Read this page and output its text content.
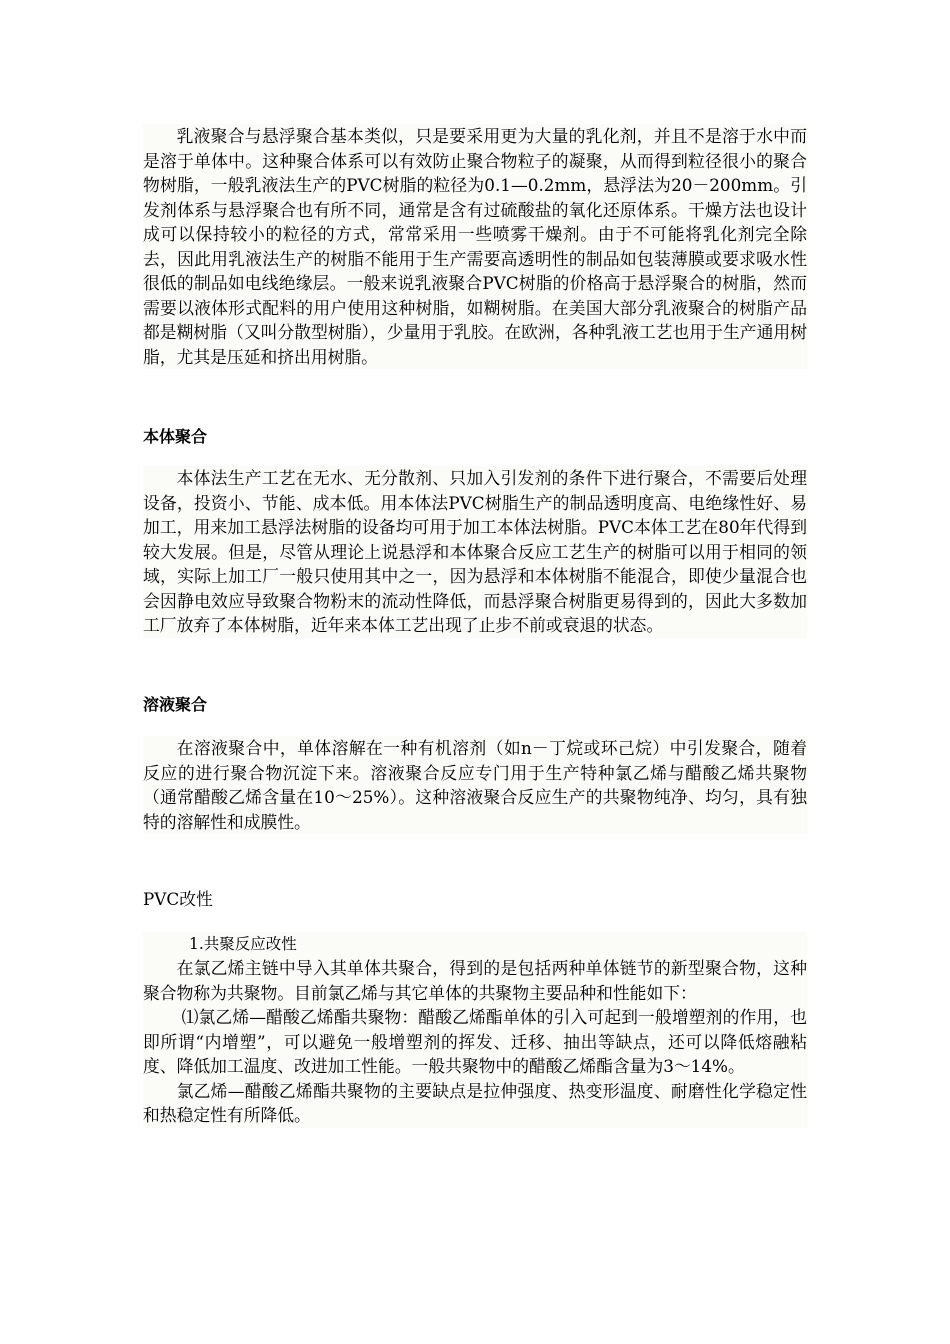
乳液聚合与悬浮聚合基本类似，只是要采用更为大量的乳化剂，并且不是溶于水中而是溶于单体中。这种聚合体系可以有效防止聚合物粒子的凝聚，从而得到粒径很小的聚合物树脂，一般乳液法生产的PVC树脂的粒径为0.1—0.2mm，悬浮法为20－200mm。引发剂体系与悬浮聚合也有所不同，通常是含有过硫酸盐的氧化还原体系。干燥方法也设计成可以保持较小的粒径的方式，常常采用一些喷雾干燥剂。由于不可能将乳化剂完全除去，因此用乳液法生产的树脂不能用于生产需要高透明性的制品如包装薄膜或要求吸水性很低的制品如电线绝缘层。一般来说乳液聚合PVC树脂的价格高于悬浮聚合的树脂，然而需要以液体形式配料的用户使用这种树脂，如糊树脂。在美国大部分乳液聚合的树脂产品都是糊树脂（又叫分散型树脂），少量用于乳胶。在欧洲，各种乳液工艺也用于生产通用树脂，尤其是压延和挤出用树脂。

本体聚合

本体法生产工艺在无水、无分散剂、只加入引发剂的条件下进行聚合，不需要后处理设备，投资小、节能、成本低。用本体法PVC树脂生产的制品透明度高、电绝缘性好、易加工，用来加工悬浮法树脂的设备均可用于加工本体法树脂。PVC本体工艺在80年代得到较大发展。但是，尽管从理论上说悬浮和本体聚合反应工艺生产的树脂可以用于相同的领域，实际上加工厂一般只使用其中之一，因为悬浮和本体树脂不能混合，即使少量混合也会因静电效应导致聚合物粉末的流动性降低，而悬浮聚合树脂更易得到的，因此大多数加工厂放弃了本体树脂，近年来本体工艺出现了止步不前或衰退的状态。

溶液聚合

在溶液聚合中，单体溶解在一种有机溶剂（如n－丁烷或环己烷）中引发聚合，随着反应的进行聚合物沉淀下来。溶液聚合反应专门用于生产特种氯乙烯与醋酸乙烯共聚物（通常醋酸乙烯含量在10～25%）。这种溶液聚合反应生产的共聚物纯净、均匀，具有独特的溶解性和成膜性。

PVC改性
1.共聚反应改性

在氯乙烯主链中导入其单体共聚合，得到的是包括两种单体链节的新型聚合物，这种聚合物称为共聚物。目前氯乙烯与其它单体的共聚物主要品种和性能如下：

⑴氯乙烯—醋酸乙烯酯共聚物：醋酸乙烯酯单体的引入可起到一般增塑剂的作用，也即所谓“内增塑”，可以避免一般增塑剂的挥发、迁移、抽出等缺点，还可以降低熔融粘度、降低加工温度、改进加工性能。一般共聚物中的醋酸乙烯酯含量为3～14%。

氯乙烯—醋酸乙烯酯共聚物的主要缺点是拉伸强度、热变形温度、耐磨性化学稳定性和热稳定性有所降低。
